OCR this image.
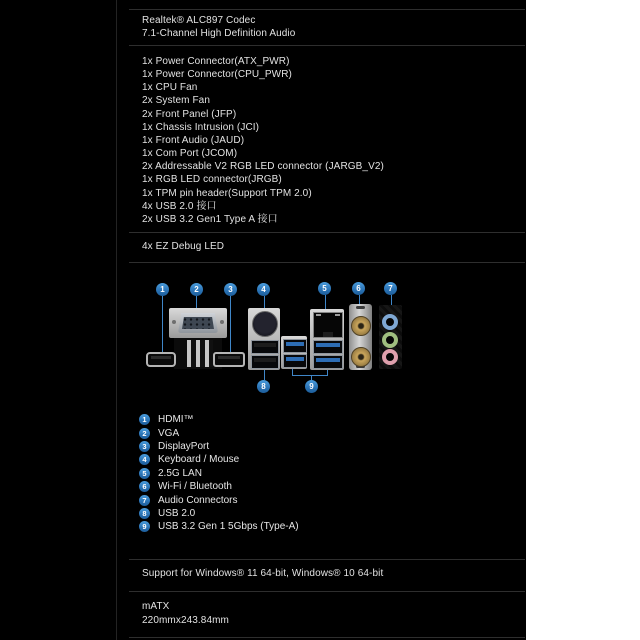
Realtek® ALC897 Codec
7.1-Channel High Definition Audio
1x Power Connector(ATX_PWR)
1x Power Connector(CPU_PWR)
1x CPU Fan
2x System Fan
2x Front Panel (JFP)
1x Chassis Intrusion (JCI)
1x Front Audio (JAUD)
1x Com Port (JCOM)
2x Addressable V2 RGB LED connector (JARGB_V2)
1x RGB LED connector(JRGB)
1x TPM pin header(Support TPM 2.0)
4x USB 2.0 接口
2x USB 3.2 Gen1 Type A 接口
4x EZ Debug LED
1	2	3	4	5	6	7
8	9
1	HDMI™
2	VGA
3	DisplayPort
4	Keyboard / Mouse
5	2.5G LAN
6	Wi-Fi / Bluetooth
7	Audio Connectors
8	USB 2.0
9	USB 3.2 Gen 1 5Gbps (Type-A)
Support for Windows® 11 64-bit, Windows® 10 64-bit
mATX
220mmx243.84mm
